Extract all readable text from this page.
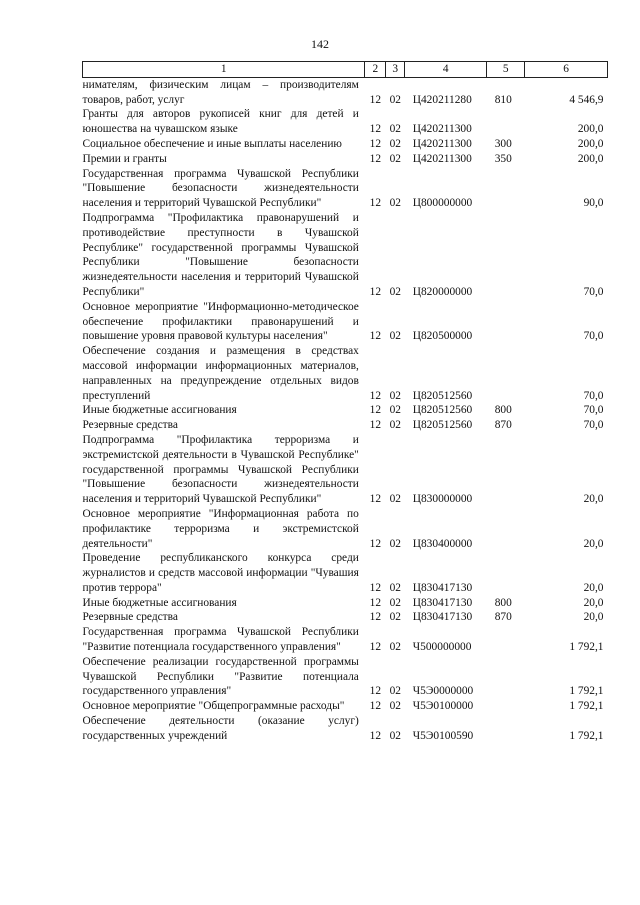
142
1	2	3	4	5	6
нимателям, физическим лицам – производителям товаров, работ, услуг	12	02	Ц420211280	810	4 546,9
Гранты для авторов рукописей книг для детей и юношества на чувашском языке	12	02	Ц420211300		200,0
Социальное обеспечение и иные выплаты населению	12	02	Ц420211300	300	200,0
Премии и гранты	12	02	Ц420211300	350	200,0
Государственная программа Чувашской Республики "Повышение безопасности жизнедеятельности населения и территорий Чувашской Республики"	12	02	Ц800000000		90,0
Подпрограмма "Профилактика правонарушений и противодействие преступности в Чувашской Республике" государственной программы Чувашской Республики "Повышение безопасности жизнедеятельности населения и территорий Чувашской Республики"	12	02	Ц820000000		70,0
Основное мероприятие "Информационно-методическое обеспечение профилактики правонарушений и повышение уровня правовой культуры населения"	12	02	Ц820500000		70,0
Обеспечение создания и размещения в средствах массовой информации информационных материалов, направленных на предупреждение отдельных видов преступлений	12	02	Ц820512560		70,0
Иные бюджетные ассигнования	12	02	Ц820512560	800	70,0
Резервные средства	12	02	Ц820512560	870	70,0
Подпрограмма "Профилактика терроризма и экстремистской деятельности в Чувашской Республике" государственной программы Чувашской Республики "Повышение безопасности жизнедеятельности населения и территорий Чувашской Республики"	12	02	Ц830000000		20,0
Основное мероприятие "Информационная работа по профилактике терроризма и экстремистской деятельности"	12	02	Ц830400000		20,0
Проведение республиканского конкурса среди журналистов и средств массовой информации "Чувашия против террора"	12	02	Ц830417130		20,0
Иные бюджетные ассигнования	12	02	Ц830417130	800	20,0
Резервные средства	12	02	Ц830417130	870	20,0
Государственная программа Чувашской Республики "Развитие потенциала государственного управления"	12	02	Ч500000000		1 792,1
Обеспечение реализации государственной программы Чувашской Республики "Развитие потенциала государственного управления"	12	02	Ч5Э0000000		1 792,1
Основное мероприятие "Общепрограммные расходы"	12	02	Ч5Э0100000		1 792,1
Обеспечение деятельности (оказание услуг) государственных учреждений	12	02	Ч5Э0100590		1 792,1
